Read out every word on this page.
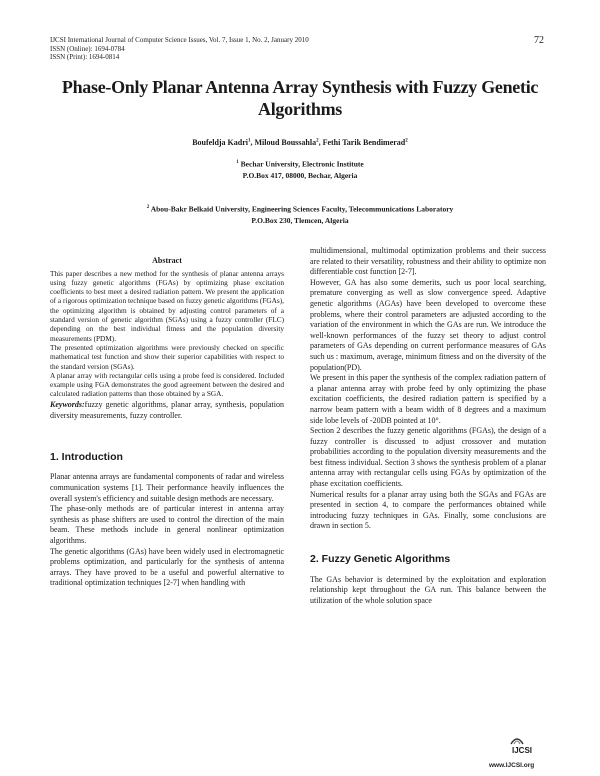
IJCSI International Journal of Computer Science Issues, Vol. 7, Issue 1, No. 2, January 2010
ISSN (Online): 1694-0784
ISSN (Print): 1694-0814
72
Phase-Only Planar Antenna Array Synthesis with Fuzzy Genetic Algorithms
Boufeldja Kadri$^1$, Miloud Boussahla$^2$, Fethi Tarik Bendimerad$^2$
$^1$ Bechar University, Electronic Institute
P.O.Box 417, 08000, Bechar, Algeria
$^2$ Abou-Bakr Belkaid University, Engineering Sciences Faculty, Telecommunications Laboratory
P.O.Box 230, Tlemcen, Algeria
Abstract

This paper describes a new method for the synthesis of planar antenna arrays using fuzzy genetic algorithms (FGAs) by optimizing phase excitation coefficients to best meet a desired radiation pattern. We present the application of a rigorous optimization technique based on fuzzy genetic algorithms (FGAs), the optimizing algorithm is obtained by adjusting control parameters of a standard version of genetic algorithm (SGAs) using a fuzzy controller (FLC) depending on the best individual fitness and the population diversity measurements (PDM).

The presented optimization algorithms were previously checked on specific mathematical test function and show their superior capabilities with respect to the standard version (SGAs).

A planar array with rectangular cells using a probe feed is considered. Included example using FGA demonstrates the good agreement between the desired and calculated radiation patterns than those obtained by a SGA.

Keywords:fuzzy genetic algorithms, planar array, synthesis, population diversity measurements, fuzzy controller.

1. Introduction

Planar antenna arrays are fundamental components of radar and wireless communication systems [1]. Their performance heavily influences the overall system's efficiency and suitable design methods are necessary.

The phase-only methods are of particular interest in antenna array synthesis as phase shifters are used to control the direction of the main beam. These methods include in general nonlinear optimization algorithms.

The genetic algorithms (GAs) have been widely used in electromagnetic problems optimization, and particularly for the synthesis of antenna arrays. They have proved to be a useful and powerful alternative to traditional optimization techniques [2-7] when handling with

multidimensional, multimodal optimization problems and their success are related to their versatility, robustness and their ability to optimize non differentiable cost function [2-7].

However, GA has also some demerits, such us poor local searching, premature converging as well as slow convergence speed. Adaptive genetic algorithms (AGAs) have been developed to overcome these problems, where their control parameters are adjusted according to the variation of the environment in which the GAs are run. We introduce the well-known performances of the fuzzy set theory to adjust control parameters of GAs depending on current performance measures of GAs such us : maximum, average, minimum fitness and on the diversity of the population(PD).

We present in this paper the synthesis of the complex radiation pattern of a planar antenna array with probe feed by only optimizing the phase excitation coefficients, the desired radiation pattern is specified by a narrow beam pattern with a beam width of 8 degrees and a maximum side lobe levels of -20DB pointed at 10°.

Section 2 describes the fuzzy genetic algorithms (FGAs), the design of a fuzzy controller is discussed to adjust crossover and mutation probabilities according to the population diversity measurements and the best fitness individual. Section 3 shows the synthesis problem of a planar antenna array with rectangular cells using FGAs by optimization of the phase excitation coefficients.

Numerical results for a planar array using both the SGAs and FGAs are presented in section 4, to compare the performances obtained while introducing fuzzy techniques in GAs. Finally, some conclusions are drawn in section 5.

2. Fuzzy Genetic Algorithms

The GAs behavior is determined by the exploitation and exploration relationship kept throughout the GA run. This balance between the utilization of the whole solution space

IJCSI
www.IJCSI.org
